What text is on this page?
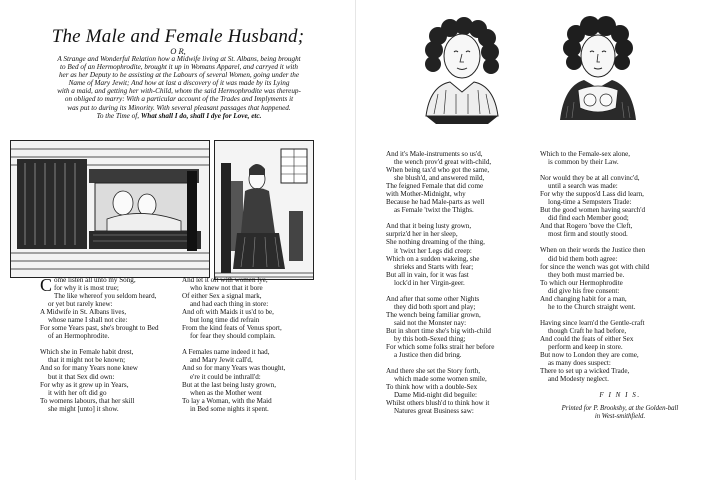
The Male and Female Husband;
O R,

A Strange and Wonderful Relation how a Midwife living at St. Albans, being brought
to Bed of an Hermophrodite, brought it up in Womans Apparel, and carryed it with
her as her Deputy to be assisting at the Labours of several Women, going under the
Name of Mary Jewit; And how at last a discovery of it was made by its Lying
with a maid, and getting her with-Child, whom the said Hermophrodite was thereup-
on obliged to marry: With a particular account of the Trades and Implyments it
was put to during its Minority. With several pleasant passages that happened.
To the Time of, What shall I do, shall I dye for Love, etc.

Come listen all unto my Song,
for why it is most true;
The like whereof you seldom heard,
or yet but rarely knew:
A Midwife in St. Albans lives,
whose name I shall not cite:
For some Years past, she's brought to Bed
of an Hermophrodite.

Which she in Female habit drest,
that it might not be known;
And so for many Years none knew
but it that Sex did own:
For why as it grew up in Years,
it with her oft did go
To womens labours, that her skill
she might [unto] it show.

And let it oft with women lye,
who knew not that it bore
Of either Sex a signal mark,
and had each thing in store:
And oft with Maids it us'd to be,
but long time did refrain
From the kind feats of Venus sport,
for fear they should complain.

A Females name indeed it had,
and Mary Jewit call'd,
And so for many Years was thought,
e're it could be inthrall'd:
But at the last being lusty grown,
when as the Mother went
To lay a Woman, with the Maid
in Bed some nights it spent.

And it's Male-instruments so us'd,
the wench prov'd great with-child,
When being tax'd who got the same,
she blush'd, and answered mild,
The feigned Female that did come
with Mother-Midnight, why
Because he had Male-parts as well
as Female 'twixt the Thighs.

And that it being lusty grown,
surpriz'd her in her sleep,
She nothing dreaming of the thing,
it 'twixt her Legs did creep:
Which on a sudden wakeing, she
shrieks and Starts with fear;
But all in vain, for it was fast
lock'd in her Virgin-geer.

And after that some other Nights
they did both sport and play;
The wench being familiar grown,
said not the Monster nay:
But in short time she's big with-child
by this both-Sexed thing;
For which some folks strait her before
a Justice then did bring.

And there she set the Story forth,
which made some women smile,
To think how with a double-Sex
Dame Mid-night did beguile:
Whilst others blush'd to think how it
Natures great Business saw:

Which to the Female-sex alone,
is common by their Law.

Nor would they be at all convinc'd,
until a search was made:
For why the suppos'd Lass did learn,
long-time a Sempsters Trade:
But the good women having search'd
did find each Member good;
And that Rogero 'bove the Cleft,
most firm and stoutly stood.

When on their words the Justice then
did bid them both agree:
for since the wench was got with child
they both must married be.
To which our Hermophrodite
did give his free consent:
And changing habit for a man,
he to the Church straight went.

Having since learn'd the Gentle-craft
though Craft he had before,
And could the feats of either Sex
perform and keep in store.
But now to London they are come,
as many does suspect:
There to set up a wicked Trade,
and Modesty neglect.

F I N I S.
Printed for P. Brooksby, at the Golden-ball
in West-smithfield.
